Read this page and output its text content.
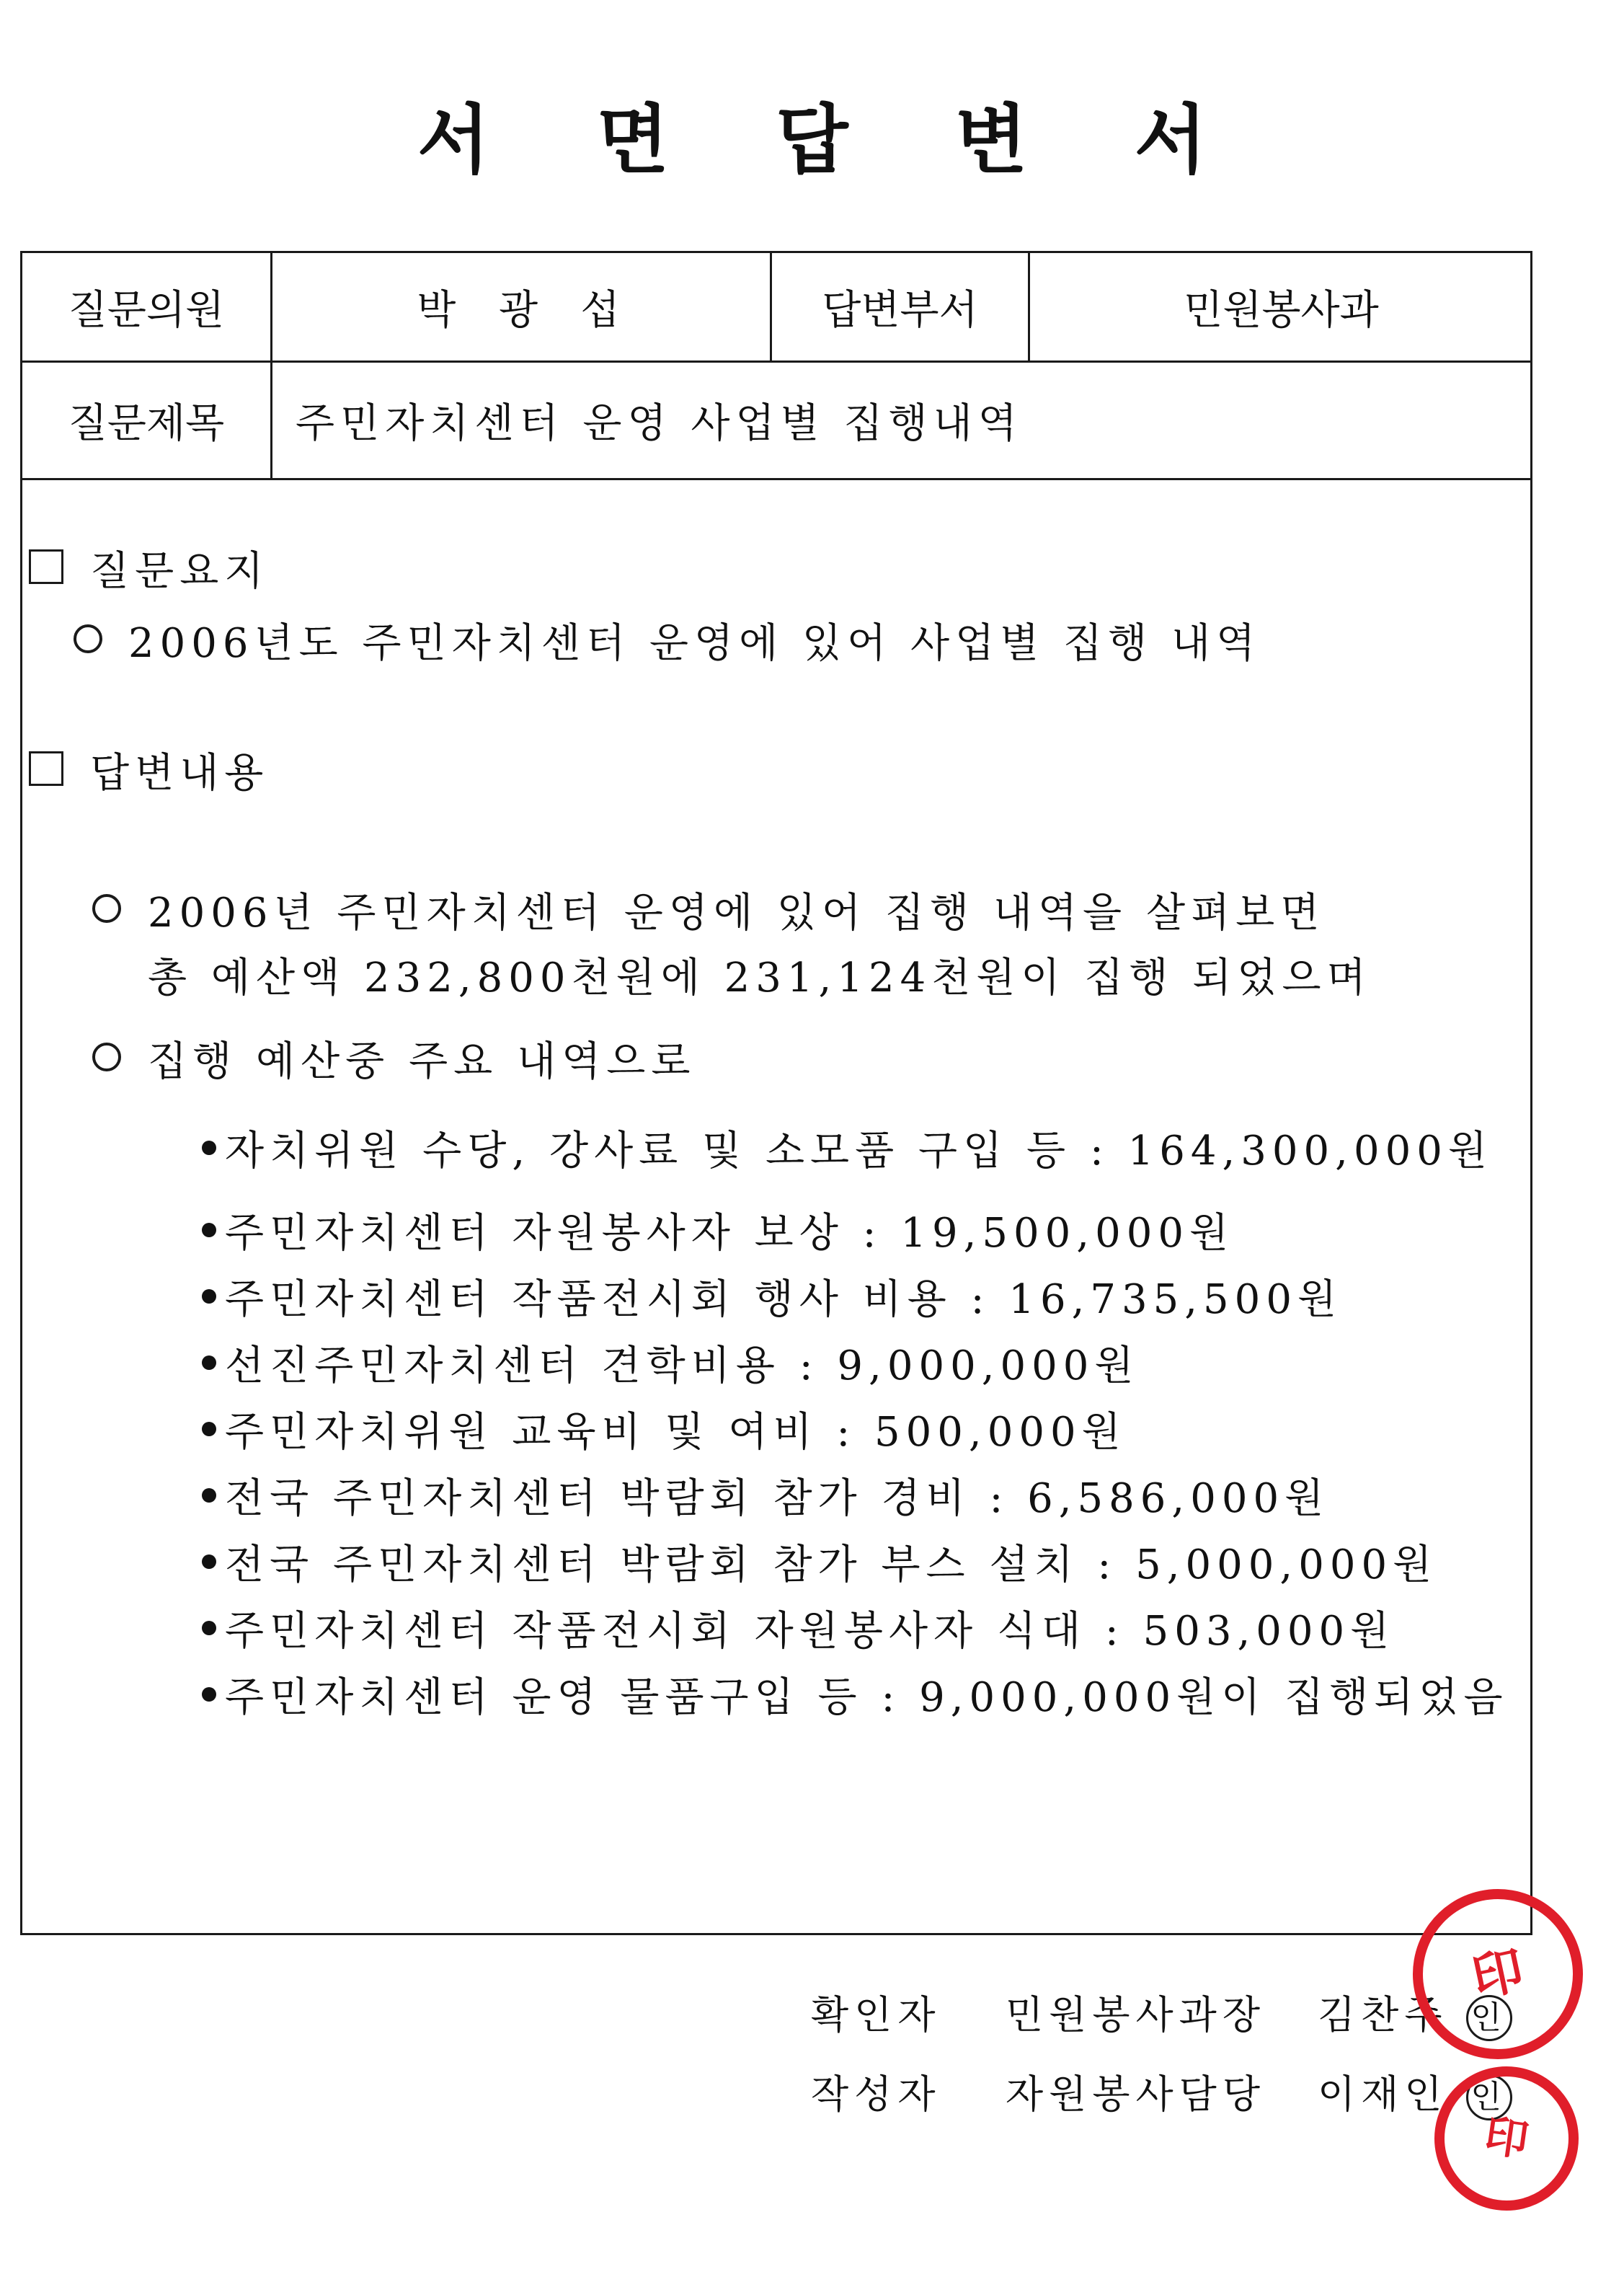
서 면 답 변 서
질문의원	박  광  섭	답변부서	민원봉사과
질문제목	주민자치센터 운영 사업별 집행내역
질문요지
2006년도 주민자치센터 운영에 있어 사업별 집행 내역
답변내용
2006년 주민자치센터 운영에 있어 집행 내역을 살펴보면
총 예산액 232,800천원에 231,124천원이 집행 되었으며
집행 예산중 주요 내역으로
자치위원 수당, 강사료 및 소모품 구입 등 : 164,300,000원
주민자치센터 자원봉사자 보상 : 19,500,000원
주민자치센터 작품전시회 행사 비용 : 16,735,500원
선진주민자치센터 견학비용 : 9,000,000원
주민자치위원 교육비 및 여비 : 500,000원
전국 주민자치센터 박람회 참가 경비 : 6,586,000원
전국 주민자치센터 박람회 참가 부스 설치 : 5,000,000원
주민자치센터 작품전시회 자원봉사자 식대 : 503,000원
주민자치센터 운영 물품구입 등 : 9,000,000원이 집행되었음
확인자 민원봉사과장 김찬주 인
작성자 자원봉사담당 이재인 인
印
印
